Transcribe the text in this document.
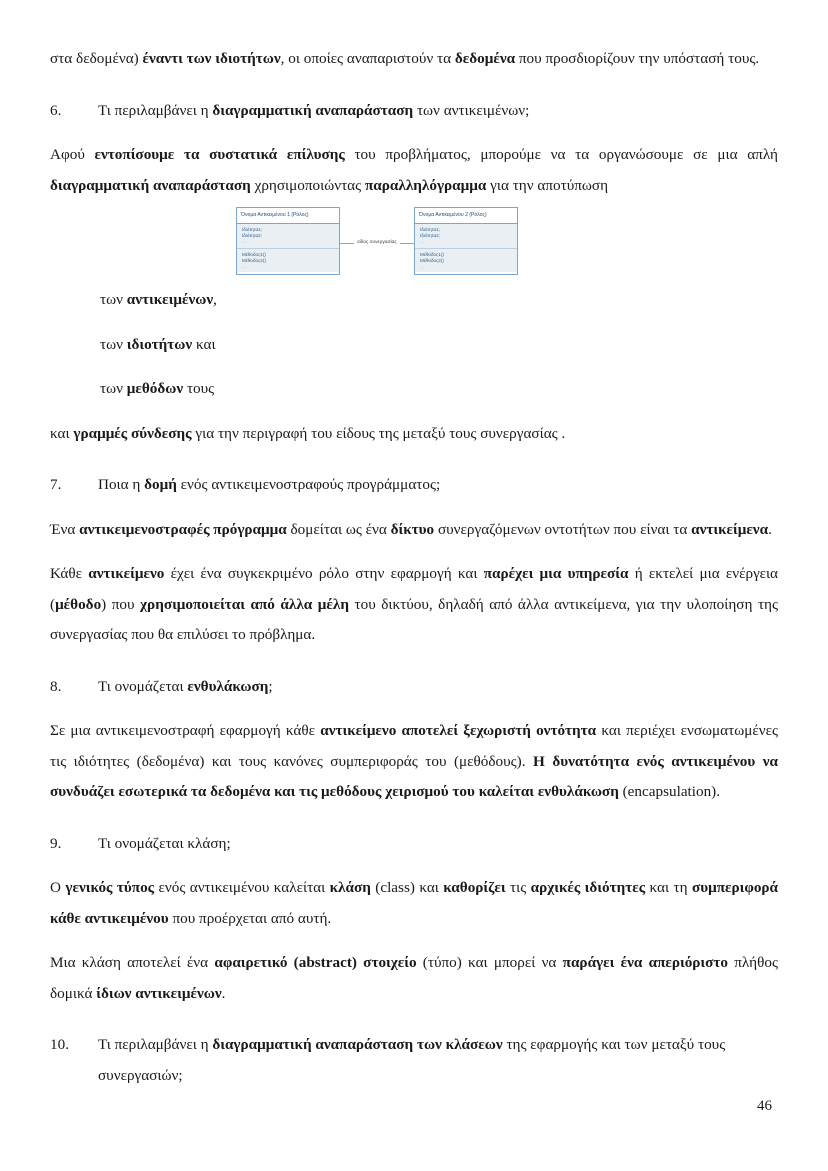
στα δεδομένα) έναντι των ιδιοτήτων, οι οποίες αναπαριστούν τα δεδομένα που προσδιορίζουν την υπόστασή τους.

6.	Τι περιλαμβάνει η διαγραμματική αναπαράσταση των αντικειμένων;

Αφού εντοπίσουμε τα συστατικά επίλυσης του προβλήματος, μπορούμε να τα οργανώσουμε σε μια απλή διαγραμματική αναπαράσταση χρησιμοποιώντας παραλληλόγραμμα για την αποτύπωση

Όνομα Αντικειμένου 1 (Ρόλος)
Ιδιότητα1;
Ιδιότητα2;
...
Μέθοδος1()
Μέθοδος2()
...
είδος συνεργασίας
Όνομα Αντικειμένου 2 (Ρόλος)
Ιδιότητα1;
Ιδιότητα2;
...
Μέθοδος1()
Μέθοδος2()
...
των αντικειμένων,
των ιδιοτήτων και
των μεθόδων τους

και γραμμές σύνδεσης για την περιγραφή του είδους της μεταξύ τους συνεργασίας .

7.	Ποια η δομή ενός αντικειμενοστραφούς προγράμματος;

Ένα αντικειμενοστραφές πρόγραμμα δομείται ως ένα δίκτυο συνεργαζόμενων οντοτήτων που είναι τα αντικείμενα.

Κάθε αντικείμενο έχει ένα συγκεκριμένο ρόλο στην εφαρμογή και παρέχει μια υπηρεσία ή εκτελεί μια ενέργεια (μέθοδο) που χρησιμοποιείται από άλλα μέλη του δικτύου, δηλαδή από άλλα αντικείμενα, για την υλοποίηση της συνεργασίας που θα επιλύσει το πρόβλημα.

8.	Τι ονομάζεται ενθυλάκωση;

Σε μια αντικειμενοστραφή εφαρμογή κάθε αντικείμενο αποτελεί ξεχωριστή οντότητα και περιέχει ενσωματωμένες τις ιδιότητες (δεδομένα) και τους κανόνες συμπεριφοράς του (μεθόδους). Η δυνατότητα ενός αντικειμένου να συνδυάζει εσωτερικά τα δεδομένα και τις μεθόδους χειρισμού του καλείται ενθυλάκωση (encapsulation).

9.	Τι ονομάζεται κλάση;

Ο γενικός τύπος ενός αντικειμένου καλείται κλάση (class) και καθορίζει τις αρχικές ιδιότητες και τη συμπεριφορά κάθε αντικειμένου που προέρχεται από αυτή.

Μια κλάση αποτελεί ένα αφαιρετικό (abstract) στοιχείο (τύπο) και μπορεί να παράγει ένα απεριόριστο πλήθος δομικά ίδιων αντικειμένων.

10.	Τι περιλαμβάνει η διαγραμματική αναπαράσταση των κλάσεων της εφαρμογής και των μεταξύ τους συνεργασιών;
46
